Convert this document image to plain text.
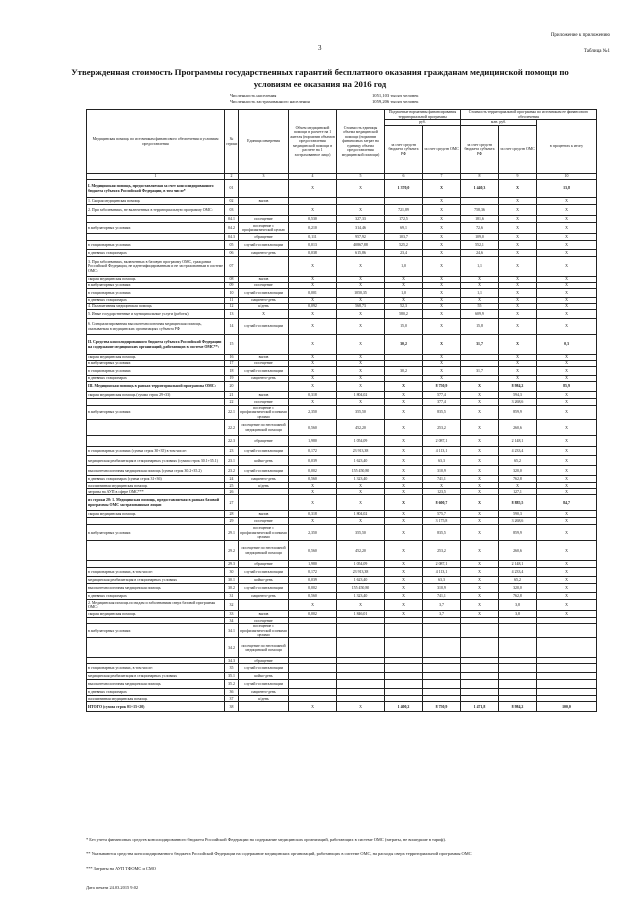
Приложение к приложению
Таблица №1
3
Утвержденная стоимость Программы государственных гарантий бесплатного оказания гражданам медицинской помощи по условиям ее оказания на 2016 год
Численность населения	1051,103 тысяч человек
Численность застрахованного населения	1059,206 тысяч человек
Медицинская помощь по источникам финансового обеспечения и условиям предоставления	№ строки	Единица измерения	Объем медицинской помощи в расчете на 1 жителя (норматив объемов предоставления медицинской помощи в расчете на 1 застрахованное лицо)	Стоимость единицы объема медицинской помощи (норматив финансовых затрат на единицу объема предоставления медицинской помощи)	Подушевые нормативы финансирования территориальной программы		Стоимость территориальной программы по источникам ее финансового обеспечения		
					руб.		млн. руб.		в процентах к итогу
					за счет средств бюджета субъекта РФ	за счет средств ОМС	за счет средств бюджета субъекта РФ	за счет средств ОМС	
1	2	3	4	5	6	7	8	9	10
I. Медицинская помощь, предоставляемая за счет консолидированного бюджета субъекта Российской Федерации, в том числе*	01		X	X	1 370,0	X	1 440,3	X	13,8
1. Скорая медицинская помощь	02	вызов				X		X	X
2. При заболеваниях, не включенных в территориальную программу ОМС:	03		X	X	721,89	X	758,36	X	X
	04.1	посещение	0,530	327,33	172,5	X	181,6	X	X
в амбулаторных условиях	04.2	посещение с профилактической целью	0,210	314,46	69,1	X	72,6	X	X
	04.3	обращение	0,111	957,92	103,7	X	109,0	X	X
в стационарных условиях	05	случай госпитализации	0,013	40867,88	525,2	X	552,1	X	X
в дневных стационарах	06	пациенто-день	0,038	615,86	23,4	X	24,6	X	X
3. При заболеваниях, включенных в базовую программу ОМС, гражданам Российской Федерации, не идентифицированным и не застрахованным в системе ОМС:	07		X	X	1,0	X	1,1	X	X
скорая медицинская помощь	08	вызов	X	X	X	X	X	X	X
в амбулаторных условиях	09	посещение	X	X	X	X	X	X	X
в стационарных условиях	10	случай госпитализации	0,001	1050,35	1,0	X	1,1	X	X
в дневных стационарах	11	пациенто-день	X	X	X	X	X	X	X
4. Паллиативная медицинская помощь	12	к/день	0,092	568,73	52,3	X	55	X	X
5. Иные государственные и муниципальные услуги (работы)	13	X	X	X	580,2	X	609,9	X	X
6. Специализированная высокотехнологичная медицинская помощь, оказываемая в медицинских организациях субъекта РФ	14	случай госпитализации	X	X	15,0	X	15,8	X	X
II. Средства консолидированного бюджета субъекта Российской Федерации на содержание медицинских организаций, работающих в системе ОМС**:	15		X	X	30,2	X	31,7	X	0,3
скорая медицинская помощь	16	вызов	X	X		X		X	X
в амбулаторных условиях	17	посещение	X	X		X		X	X
в стационарных условиях	18	случай госпитализации	X	X	30,2	X	31,7	X	X
в дневных стационарах	19	пациенто-день	X	X		X		X	X
III. Медицинская помощь в рамках территориальной программы ОМС:	20		X	X	X	8 750,9	X	8 984,2	85,9
скорая медицинская помощь (сумма строк 29+33)	21	вызов	0,318	1 804,02	X	577,4	X	594,3	X
	22	посещение	X	X	X	377,4	X	3 268,6	X
в амбулаторных условиях	22.1	посещение с профилактической и иными целями	2,350	355,50	X	835,5	X	859,9	X
	22.2	посещение по неотложной медицинской помощи	0,560	452,20	X	253,2	X	260,6	X
	22.3	обращение	1,980	1 054,09	X	2 087,1	X	2 148,1	X
в стационарных условиях (сумма строк 30+35) в том числе:	23	случай госпитализации	0,172	23 913,38	X	4 113,1	X	4 233,4	X
медицинская реабилитация в стационарных условиях (сумма строк 30.1+35.1)	23.1	койко-день	0,039	1 623,40	X	63,3	X	65,2	X
высокотехнологичная медицинская помощь (сумма строк 30.2+35.2)	23.2	случай госпитализации	0,002	155 450,80	X	310,9	X	320,0	X
в дневных стационарах (сумма строк 31+36)	24	пациенто-день	0,560	1 323,40	X	741,1	X	762,8	X
паллиативная медицинская помощь	25	к/день	X	X	X	X	X	X	X
затраты на АУП в сфере ОМС***	26		X	X	X	123,5	X	127,1	X
из строки 20: 1. Медицинская помощь, предоставляемая в рамках базовой программы ОМС застрахованным лицам	27		X	X	X	8 600,7	X	8 885,5	84,7
скорая медицинская помощь	28	вызов	0,318	1 804,02	X	575,7	X	590,3	X
	29	посещение	X	X	X	3 175,8	X	3 268,6	X
в амбулаторных условиях	29.1	посещение с профилактической и иными целями	2,350	355,50	X	835,5	X	859,9	X
	29.2	посещение по неотложной медицинской помощи	0,560	452,20	X	253,2	X	260,6	X
	29.3	обращение	1,980	1 054,09	X	2 087,1	X	2 148,1	X
в стационарных условиях, в том числе:	30	случай госпитализации	0,172	23 913,38	X	4 113,1	X	4 233,4	X
медицинская реабилитация в стационарных условиях	30.1	койко-день	0,039	1 623,40	X	63,3	X	65,2	X
высокотехнологичная медицинская помощь	30.2	случай госпитализации	0,002	155 450,80	X	310,9	X	320,0	X
в дневных стационарах	31	пациенто-день	0,560	1 323,40	X	741,1	X	762,8	X
2. Медицинская помощь по видам и заболеваниям сверх базовой программы ОМС:	32		X	X	X	3,7	X	3,8	X
скорая медицинская помощь	33	вызов	0,002	1 846,01	X	3,7	X	3,8	X
	34	посещение							
в амбулаторных условиях	34.1	посещение с профилактической и иными целями							
	34.2	посещение по неотложной медицинской помощи							
	34.3	обращение							
в стационарных условиях, в том числе:	35	случай госпитализации							
медицинская реабилитация в стационарных условиях	35.1	койко-день							
высокотехнологичная медицинская помощь	35.2	случай госпитализации							
в дневных стационарах	36	пациенто-день							
паллиативная медицинская помощь	37	к/день							
ИТОГО (сумма строк 01+15+20)	38		X	X	1 400,2	8 750,9	1 471,8	8 984,2	100,0
* Без учета финансовых средств консолидированного бюджета Российской Федерации на содержание медицинских организаций, работающих в системе ОМС (затраты, не вошедшие в тариф).
** Указываются средства консолидированного бюджета Российской Федерации на содержание медицинских организаций, работающих в системе ОМС, на расходы сверх территориальной программы ОМС
*** Затраты на АУП ТФОМС и СМО
Дата печати 24.03.2015 9:02
